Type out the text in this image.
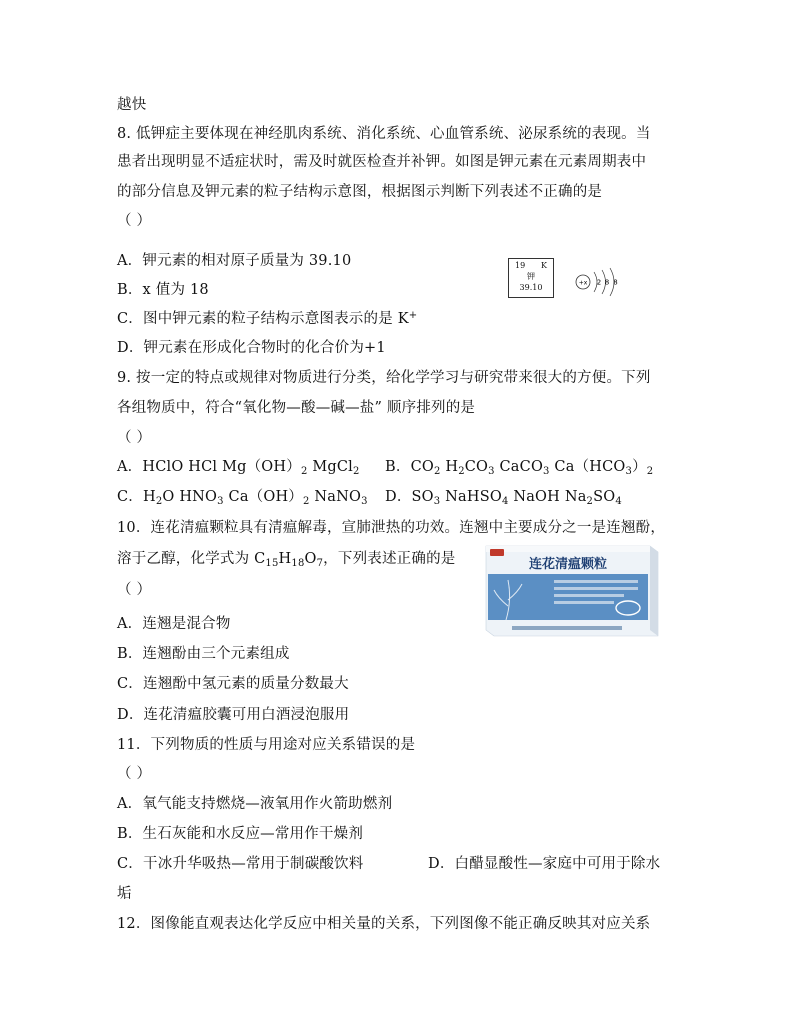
越快
8. 低钾症主要体现在神经肌肉系统、消化系统、心血管系统、泌尿系统的表现。当
患者出现明显不适症状时，需及时就医检查并补钾。如图是钾元素在元素周期表中
的部分信息及钾元素的粒子结构示意图，根据图示判断下列表述不正确的是
（ ）
A．钾元素的相对原子质量为 39.10
B．x 值为 18
C．图中钾元素的粒子结构示意图表示的是 K+
D．钾元素在形成化合物时的化合价为+1
19 K
钾
39.10	+x 2 8 8
9. 按一定的特点或规律对物质进行分类，给化学学习与研究带来很大的方便。下列
各组物质中，符合“氧化物—酸—碱—盐” 顺序排列的是
（ ）
A．HClO HCl $Mg(OH)_2$ MgCl$_2$ B．$CO_2$ $H_2CO_3$ CaCO$_3$ $Ca(HCO_3)_2$
C．$H_2O$ $HNO_3$ $Ca(OH)_2$ NaNO$_3$ D．$SO_3$ NaHSO$_4$ NaOH $Na_2SO_4$
10．连花清瘟颗粒具有清瘟解毒，宣肺泄热的功效。连翘中主要成分之一是连翘酚，
溶于乙醇，化学式为 $C_{15}H_{18}O_7$，下列表述正确的是
（ ）
A．连翘是混合物
B．连翘酚由三个元素组成
C．连翘酚中氢元素的质量分数最大
D．连花清瘟胶囊可用白酒浸泡服用
连花清瘟颗粒
11．下列物质的性质与用途对应关系错误的是
（ ）
A．氧气能支持燃烧—液氧用作火箭助燃剂
B．生石灰能和水反应—常用作干燥剂
C．干冰升华吸热—常用于制碳酸饮料	D．白醋显酸性—家庭中可用于除水
垢
12．图像能直观表达化学反应中相关量的关系，下列图像不能正确反映其对应关系
